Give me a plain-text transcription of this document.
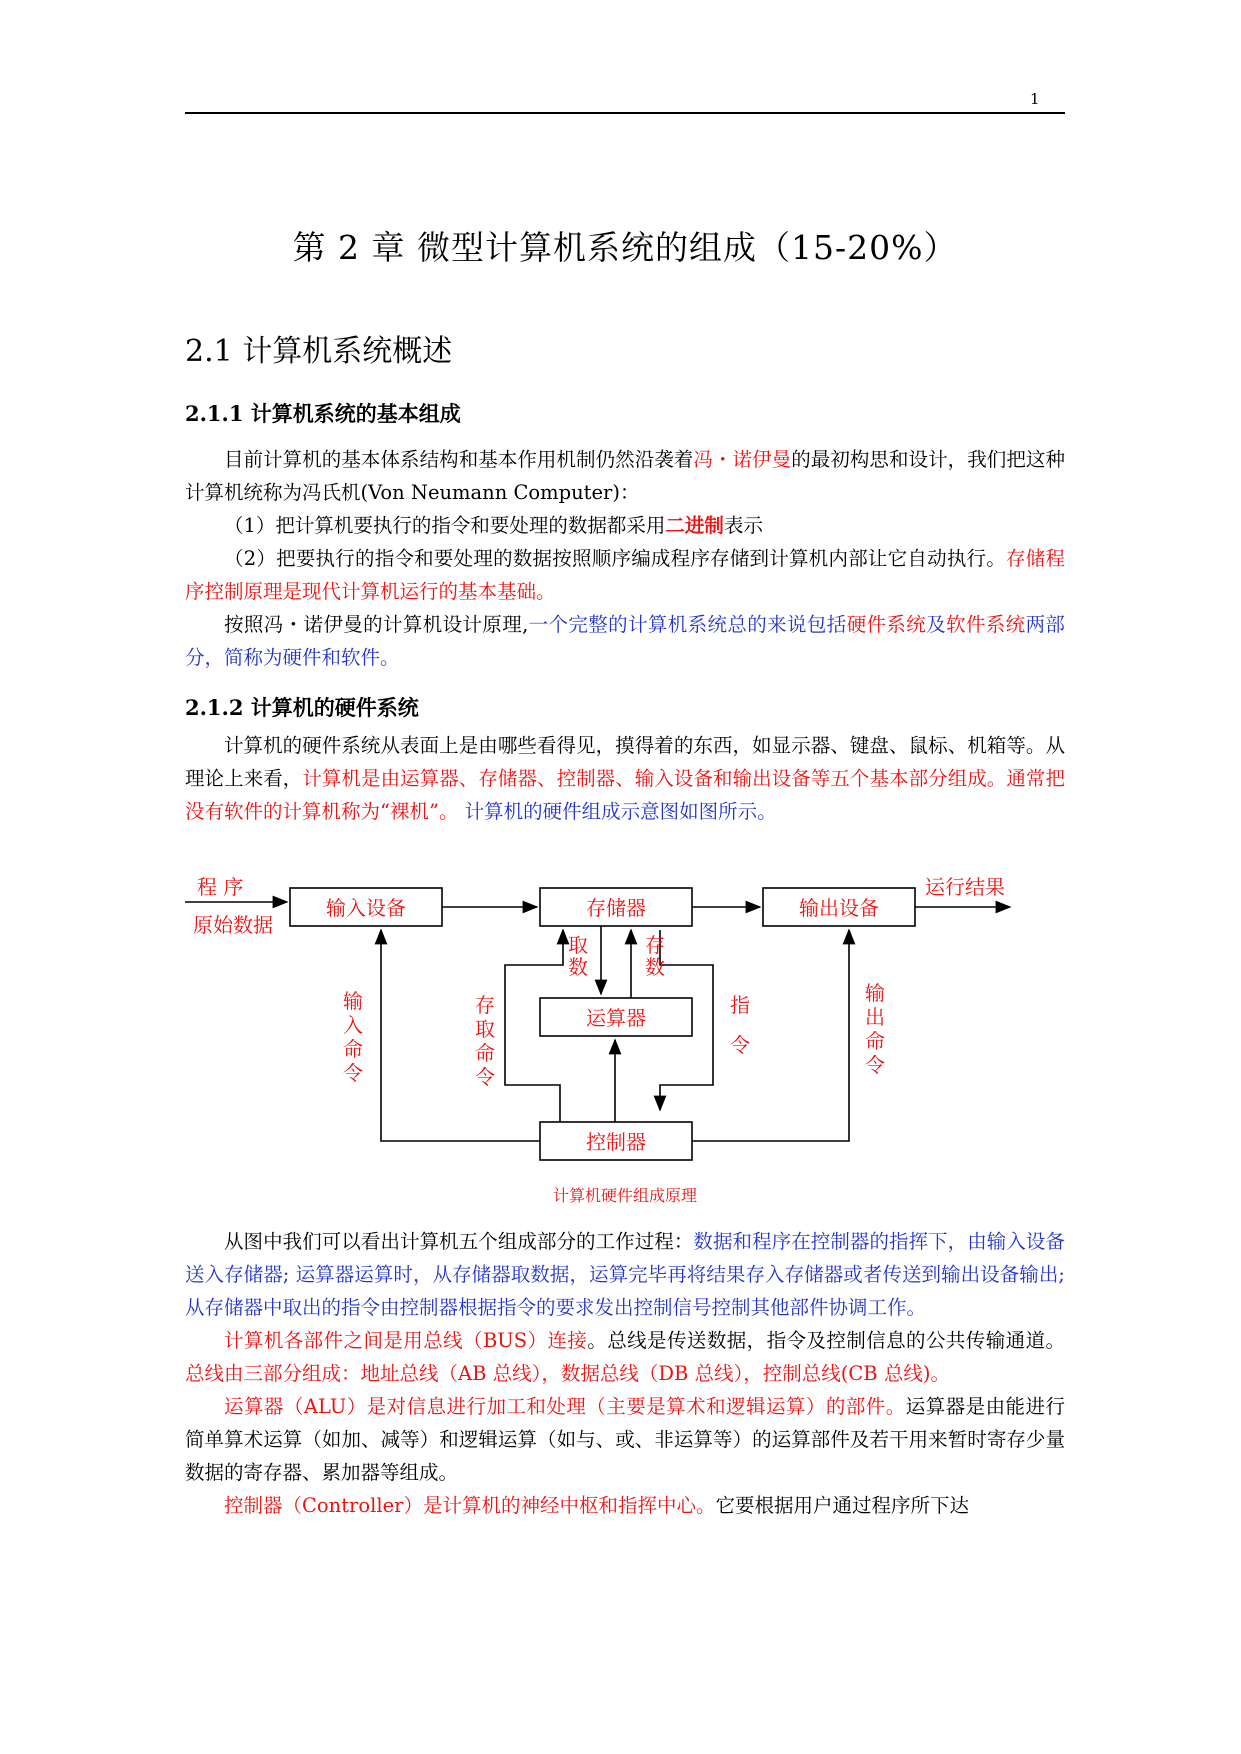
1
第 2 章 微型计算机系统的组成（15-20%）
2.1 计算机系统概述
2.1.1 计算机系统的基本组成

目前计算机的基本体系结构和基本作用机制仍然沿袭着冯・诺伊曼的最初构思和设计，我们把这种计算机统称为冯氏机(Von Neumann Computer)：

（1）把计算机要执行的指令和要处理的数据都采用二进制表示

（2）把要执行的指令和要处理的数据按照顺序编成程序存储到计算机内部让它自动执行。存储程序控制原理是现代计算机运行的基本基础。

按照冯・诺伊曼的计算机设计原理,一个完整的计算机系统总的来说包括硬件系统及软件系统两部分，简称为硬件和软件。

2.1.2 计算机的硬件系统

计算机的硬件系统从表面上是由哪些看得见，摸得着的东西，如显示器、键盘、鼠标、机箱等。从理论上来看，计算机是由运算器、存储器、控制器、输入设备和输出设备等五个基本部分组成。通常把没有软件的计算机称为“裸机”。 计算机的硬件组成示意图如图所示。

程 序
原始数据
输入设备	存储器	输出设备
运行结果
运算器
控制器
取
数
存
数
输
入
命
令
存
取
命
令
指
令
输
出
命
令

计算机硬件组成原理

从图中我们可以看出计算机五个组成部分的工作过程：数据和程序在控制器的指挥下，由输入设备送入存储器; 运算器运算时，从存储器取数据，运算完毕再将结果存入存储器或者传送到输出设备输出; 从存储器中取出的指令由控制器根据指令的要求发出控制信号控制其他部件协调工作。

计算机各部件之间是用总线（BUS）连接。总线是传送数据，指令及控制信息的公共传输通道。总线由三部分组成：地址总线（AB 总线），数据总线（DB 总线），控制总线(CB 总线)。

运算器（ALU）是对信息进行加工和处理（主要是算术和逻辑运算）的部件。运算器是由能进行简单算术运算（如加、减等）和逻辑运算（如与、或、非运算等）的运算部件及若干用来暂时寄存少量数据的寄存器、累加器等组成。

控制器（Controller）是计算机的神经中枢和指挥中心。它要根据用户通过程序所下达
